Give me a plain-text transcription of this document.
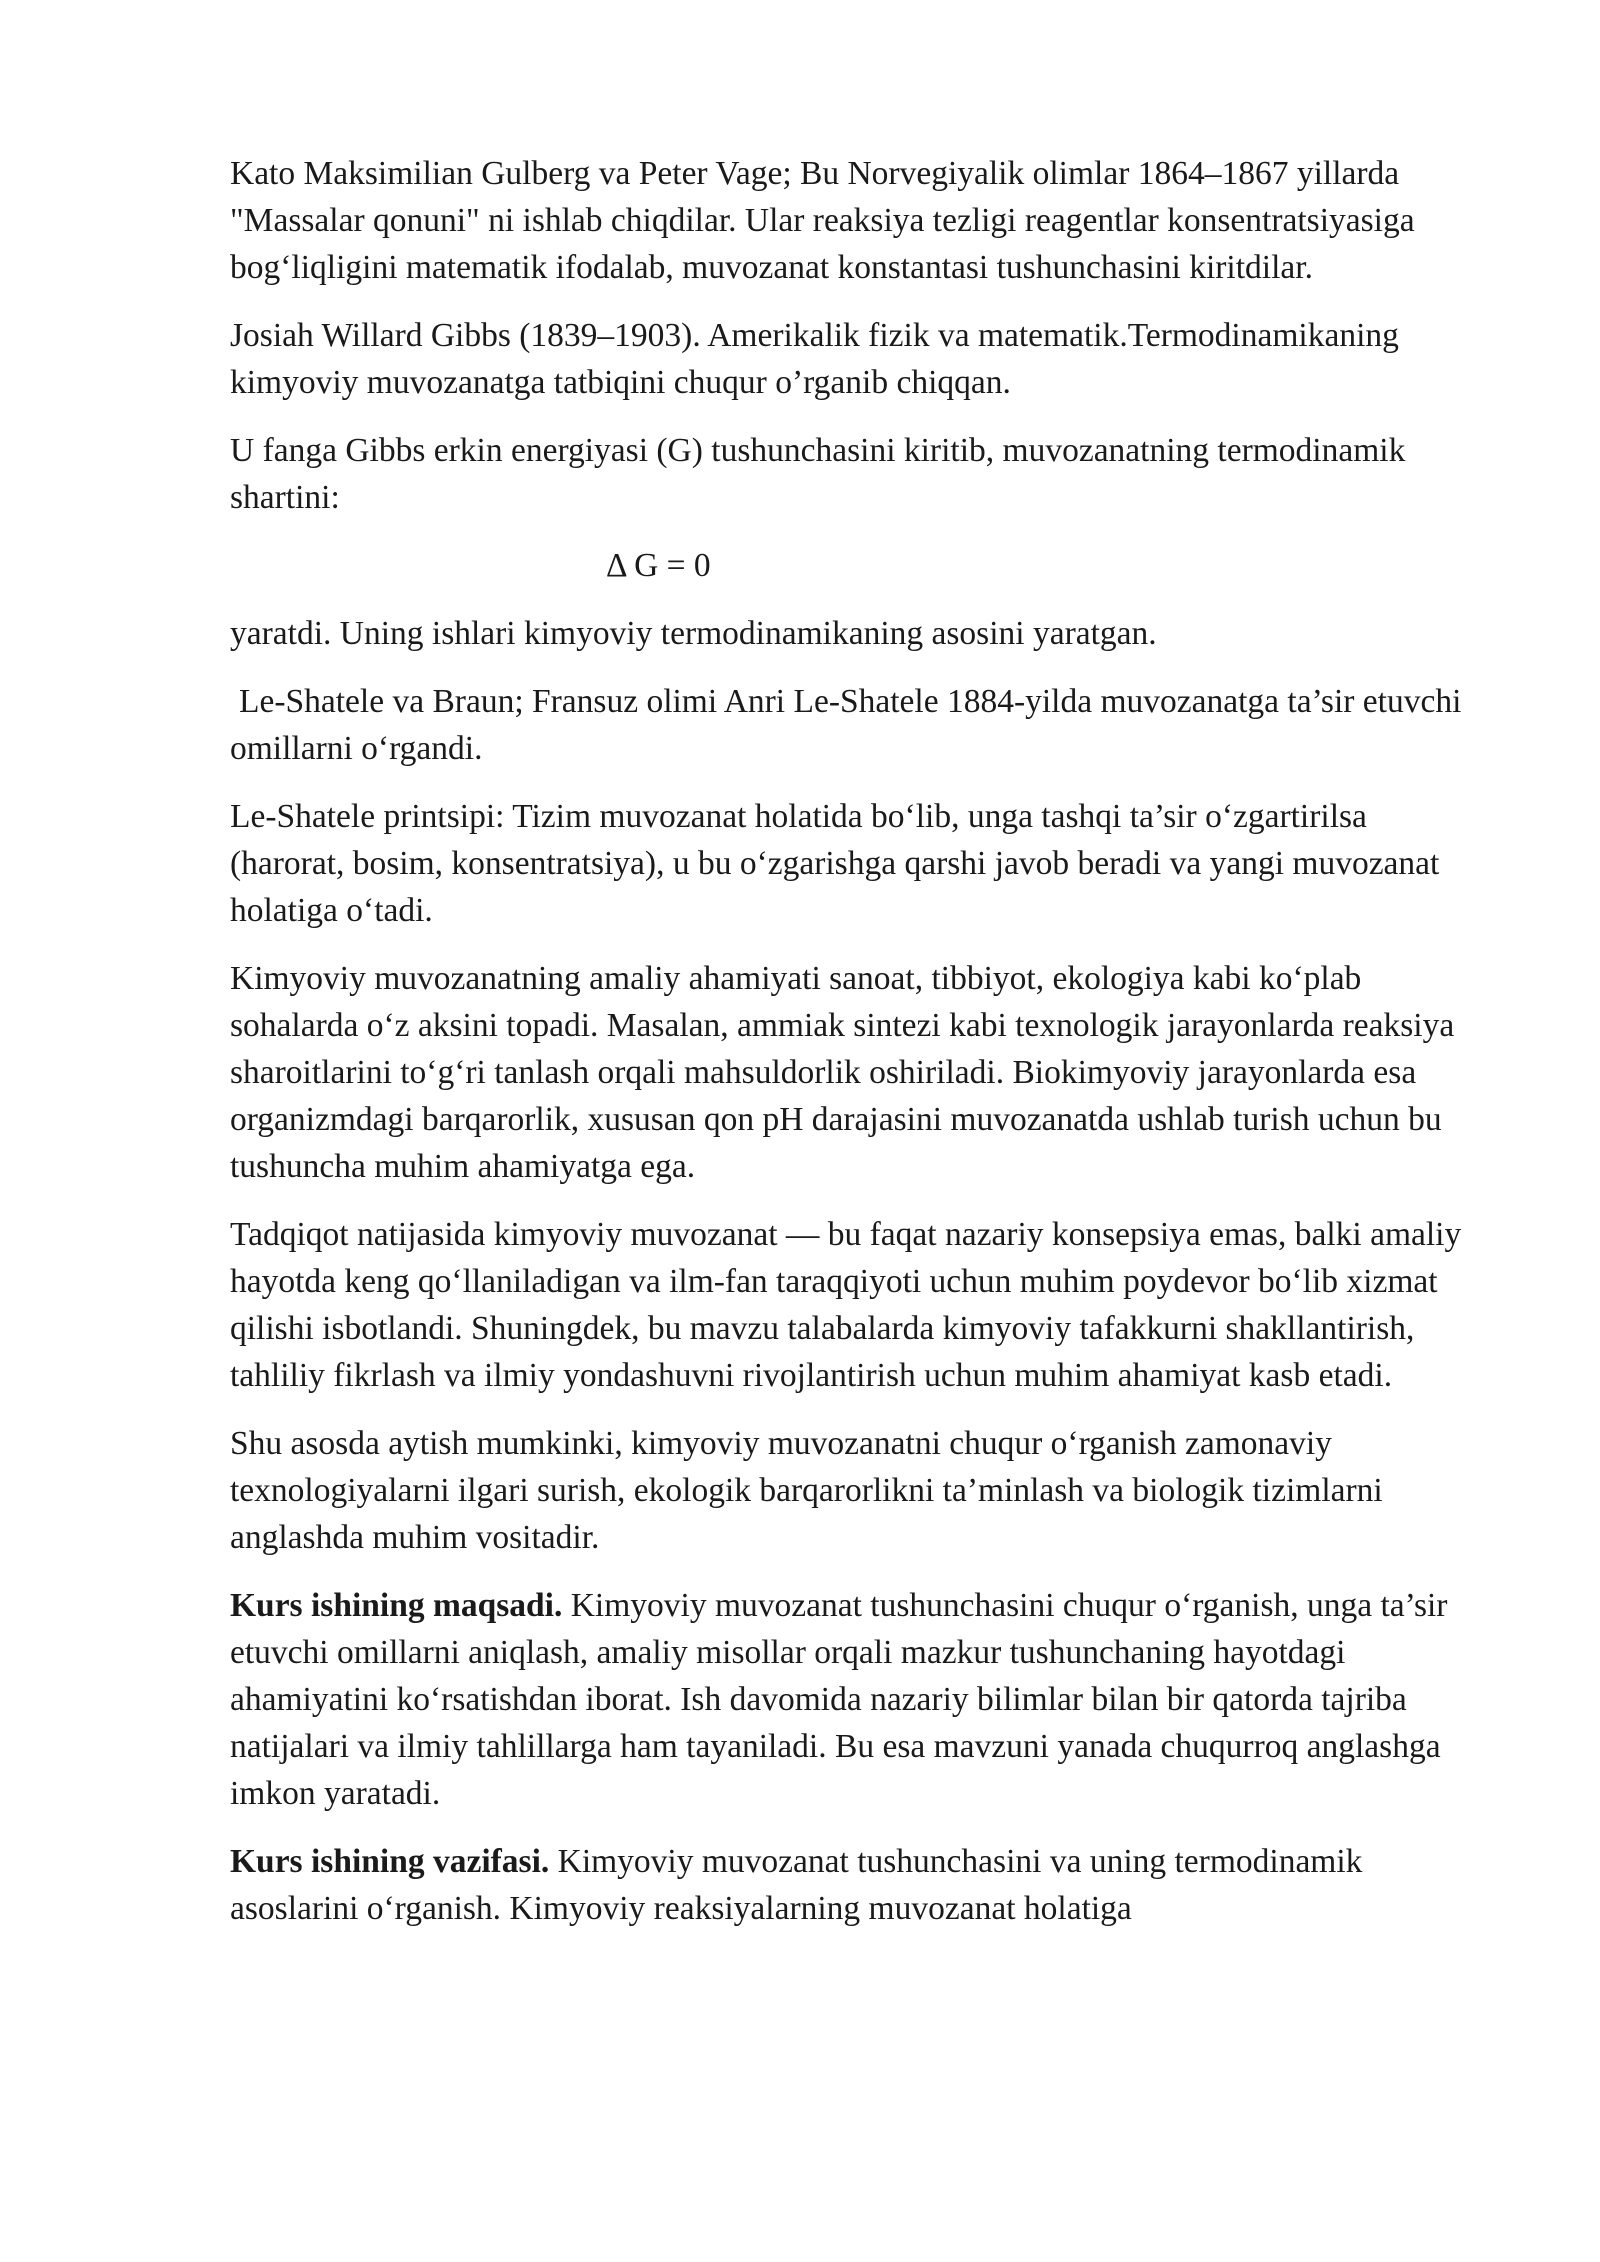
Kato Maksimilian Gulberg va Peter Vage; Bu Norvegiyalik olimlar 1864–1867 yillarda "Massalar qonuni" ni ishlab chiqdilar. Ular reaksiya tezligi reagentlar konsentratsiyasiga bog‘liqligini matematik ifodalab, muvozanat konstantasi tushunchasini kiritdilar.

Josiah Willard Gibbs (1839–1903). Amerikalik fizik va matematik.Termodinamikaning kimyoviy muvozanatga tatbiqini chuqur o’rganib chiqqan.

U fanga Gibbs erkin energiyasi (G) tushunchasini kiritib, muvozanatning termodinamik shartini:

Δ G = 0

yaratdi. Uning ishlari kimyoviy termodinamikaning asosini yaratgan.

Le-Shatele va Braun; Fransuz olimi Anri Le-Shatele 1884-yilda muvozanatga ta’sir etuvchi omillarni o‘rgandi.

Le-Shatele printsipi: Tizim muvozanat holatida bo‘lib, unga tashqi ta’sir o‘zgartirilsa (harorat, bosim, konsentratsiya), u bu o‘zgarishga qarshi javob beradi va yangi muvozanat holatiga o‘tadi.

Kimyoviy muvozanatning amaliy ahamiyati sanoat, tibbiyot, ekologiya kabi ko‘plab sohalarda o‘z aksini topadi. Masalan, ammiak sintezi kabi texnologik jarayonlarda reaksiya sharoitlarini to‘g‘ri tanlash orqali mahsuldorlik oshiriladi. Biokimyoviy jarayonlarda esa organizmdagi barqarorlik, xususan qon pH darajasini muvozanatda ushlab turish uchun bu tushuncha muhim ahamiyatga ega.

Tadqiqot natijasida kimyoviy muvozanat — bu faqat nazariy konsepsiya emas, balki amaliy hayotda keng qo‘llaniladigan va ilm-fan taraqqiyoti uchun muhim poydevor bo‘lib xizmat qilishi isbotlandi. Shuningdek, bu mavzu talabalarda kimyoviy tafakkurni shakllantirish, tahliliy fikrlash va ilmiy yondashuvni rivojlantirish uchun muhim ahamiyat kasb etadi.

Shu asosda aytish mumkinki, kimyoviy muvozanatni chuqur o‘rganish zamonaviy texnologiyalarni ilgari surish, ekologik barqarorlikni ta’minlash va biologik tizimlarni anglashda muhim vositadir.

Kurs ishining maqsadi. Kimyoviy muvozanat tushunchasini chuqur o‘rganish, unga ta’sir etuvchi omillarni aniqlash, amaliy misollar orqali mazkur tushunchaning hayotdagi ahamiyatini ko‘rsatishdan iborat. Ish davomida nazariy bilimlar bilan bir qatorda tajriba natijalari va ilmiy tahlillarga ham tayaniladi. Bu esa mavzuni yanada chuqurroq anglashga imkon yaratadi.

Kurs ishining vazifasi. Kimyoviy muvozanat tushunchasini va uning termodinamik asoslarini o‘rganish. Kimyoviy reaksiyalarning muvozanat holatiga
